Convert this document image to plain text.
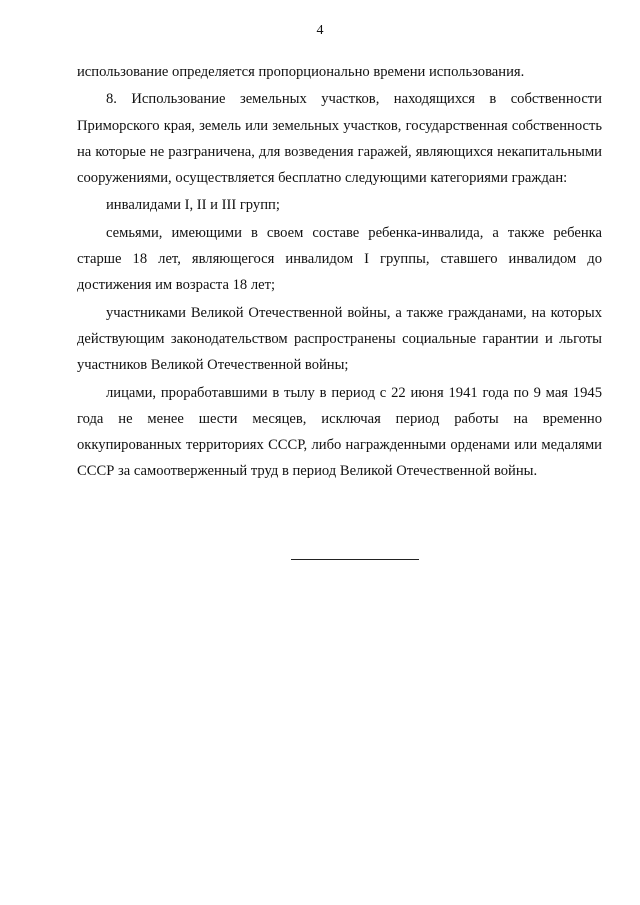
4

использование определяется пропорционально времени использования.

8. Использование земельных участков, находящихся в собственности Приморского края, земель или земельных участков, государственная собственность на которые не разграничена, для возведения гаражей, являющихся некапитальными сооружениями, осуществляется бесплатно следующими категориями граждан:

инвалидами I, II и III групп;

семьями, имеющими в своем составе ребенка-инвалида, а также ребенка старше 18 лет, являющегося инвалидом I группы, ставшего инвалидом до достижения им возраста 18 лет;

участниками Великой Отечественной войны, а также гражданами, на которых действующим законодательством распространены социальные гарантии и льготы участников Великой Отечественной войны;

лицами, проработавшими в тылу в период с 22 июня 1941 года по 9 мая 1945 года не менее шести месяцев, исключая период работы на временно оккупированных территориях СССР, либо награжденными орденами или медалями СССР за самоотверженный труд в период Великой Отечественной войны.
